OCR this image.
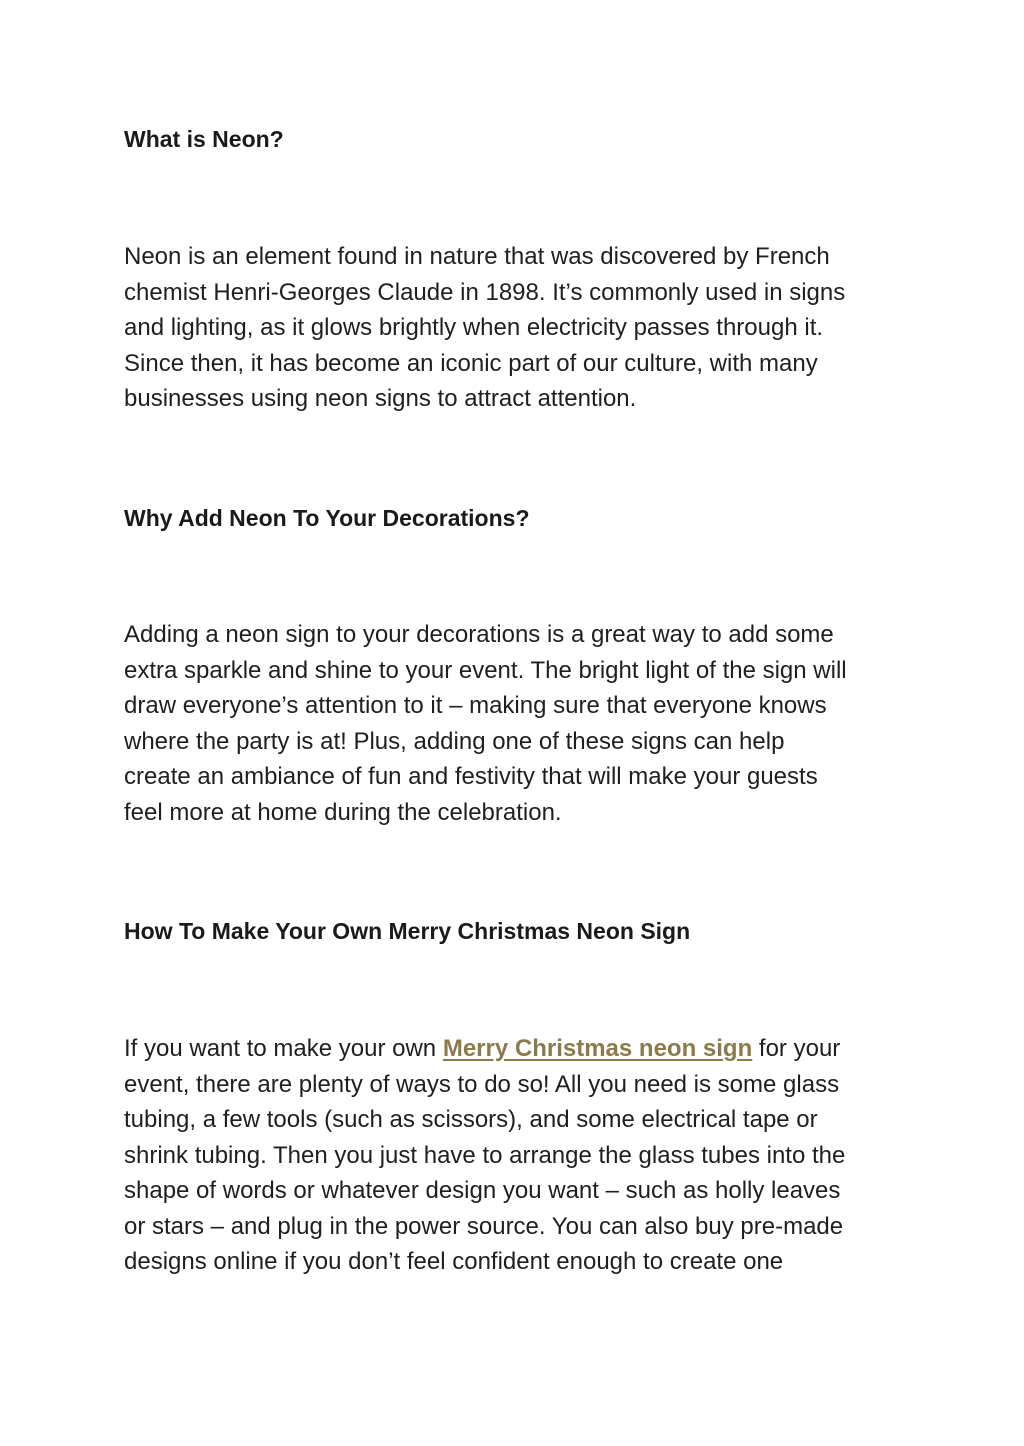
What is Neon?

Neon is an element found in nature that was discovered by French
chemist Henri-Georges Claude in 1898. It’s commonly used in signs
and lighting, as it glows brightly when electricity passes through it.
Since then, it has become an iconic part of our culture, with many
businesses using neon signs to attract attention.

Why Add Neon To Your Decorations?

Adding a neon sign to your decorations is a great way to add some
extra sparkle and shine to your event. The bright light of the sign will
draw everyone’s attention to it – making sure that everyone knows
where the party is at! Plus, adding one of these signs can help
create an ambiance of fun and festivity that will make your guests
feel more at home during the celebration.

How To Make Your Own Merry Christmas Neon Sign

If you want to make your own Merry Christmas neon sign for your
event, there are plenty of ways to do so! All you need is some glass
tubing, a few tools (such as scissors), and some electrical tape or
shrink tubing. Then you just have to arrange the glass tubes into the
shape of words or whatever design you want – such as holly leaves
or stars – and plug in the power source. You can also buy pre-made
designs online if you don’t feel confident enough to create one
